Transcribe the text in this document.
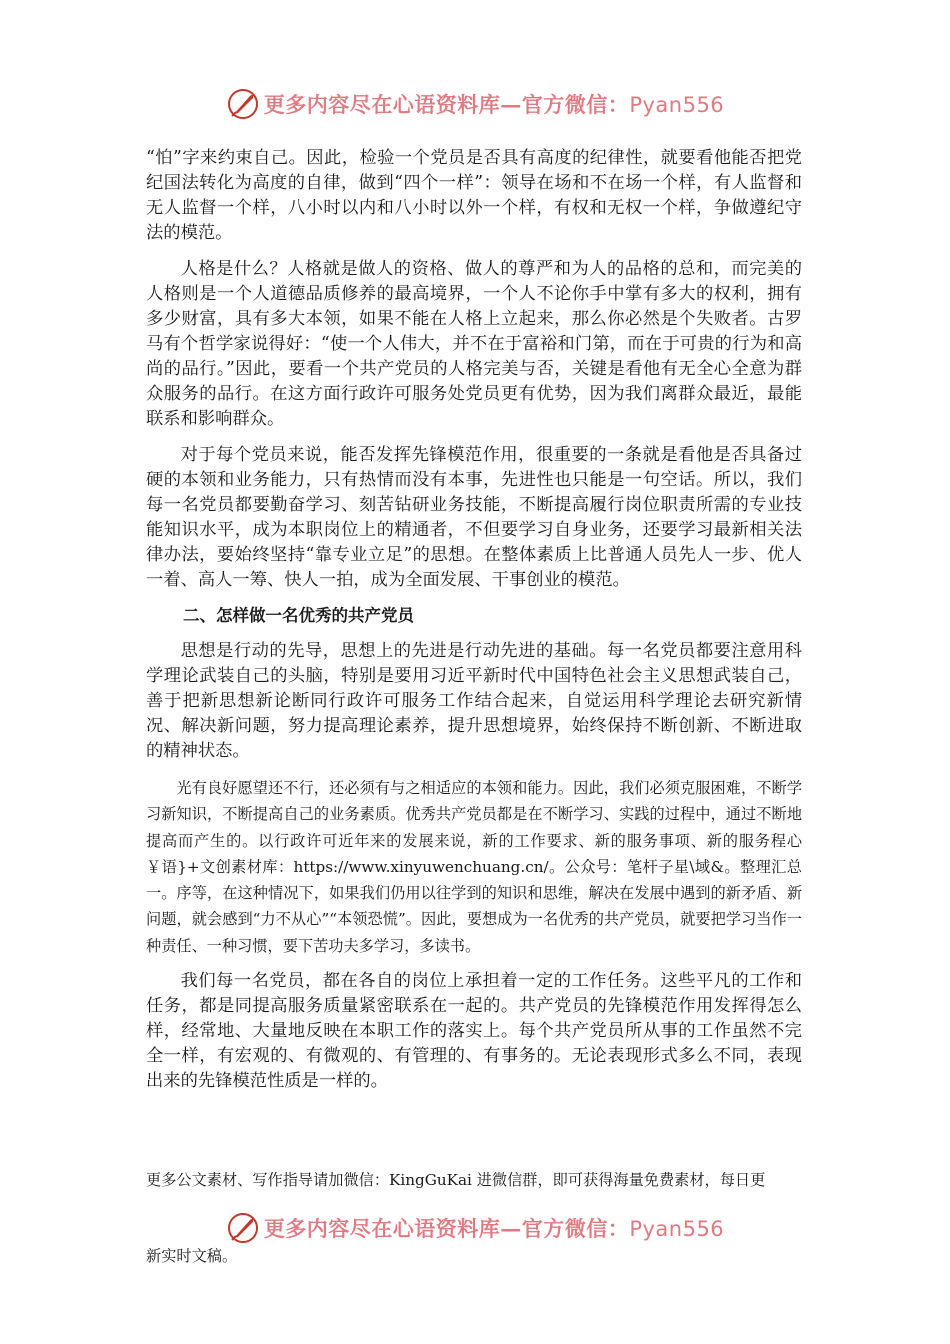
更多内容尽在心语资料库—官方微信：Pyan556

“怕”字来约束自己。因此，检验一个党员是否具有高度的纪律性，就要看他能否把党纪国法转化为高度的自律，做到“四个一样”：领导在场和不在场一个样，有人监督和无人监督一个样，八小时以内和八小时以外一个样，有权和无权一个样，争做遵纪守法的模范。

人格是什么？人格就是做人的资格、做人的尊严和为人的品格的总和，而完美的人格则是一个人道德品质修养的最高境界，一个人不论你手中掌有多大的权利，拥有多少财富，具有多大本领，如果不能在人格上立起来，那么你必然是个失败者。古罗马有个哲学家说得好：“使一个人伟大，并不在于富裕和门第，而在于可贵的行为和高尚的品行。”因此，要看一个共产党员的人格完美与否，关键是看他有无全心全意为群众服务的品行。在这方面行政许可服务处党员更有优势，因为我们离群众最近，最能联系和影响群众。

对于每个党员来说，能否发挥先锋模范作用，很重要的一条就是看他是否具备过硬的本领和业务能力，只有热情而没有本事，先进性也只能是一句空话。所以，我们每一名党员都要勤奋学习、刻苦钻研业务技能，不断提高履行岗位职责所需的专业技能知识水平，成为本职岗位上的精通者，不但要学习自身业务，还要学习最新相关法律办法，要始终坚持“靠专业立足”的思想。在整体素质上比普通人员先人一步、优人一着、高人一筹、快人一拍，成为全面发展、干事创业的模范。

二、怎样做一名优秀的共产党员

思想是行动的先导，思想上的先进是行动先进的基础。每一名党员都要注意用科学理论武装自己的头脑，特别是要用习近平新时代中国特色社会主义思想武装自己，善于把新思想新论断同行政许可服务工作结合起来，自觉运用科学理论去研究新情况、解决新问题，努力提高理论素养，提升思想境界，始终保持不断创新、不断进取的精神状态。

光有良好愿望还不行，还必须有与之相适应的本领和能力。因此，我们必须克服困难，不断学习新知识，不断提高自己的业务素质。优秀共产党员都是在不断学习、实践的过程中，通过不断地提高而产生的。以行政许可近年来的发展来说，新的工作要求、新的服务事项、新的服务程心￥语}+文创素材库：https://www.xinyuwenchuang.cn/。公众号：笔杆子星\域&。整理汇总一。序等，在这种情况下，如果我们仍用以往学到的知识和思维，解决在发展中遇到的新矛盾、新问题，就会感到“力不从心”“本领恐慌”。因此，要想成为一名优秀的共产党员，就要把学习当作一种责任、一种习惯，要下苦功夫多学习，多读书。

我们每一名党员，都在各自的岗位上承担着一定的工作任务。这些平凡的工作和任务，都是同提高服务质量紧密联系在一起的。共产党员的先锋模范作用发挥得怎么样，经常地、大量地反映在本职工作的落实上。每个共产党员所从事的工作虽然不完全一样，有宏观的、有微观的、有管理的、有事务的。无论表现形式多么不同，表现出来的先锋模范性质是一样的。

更多公文素材、写作指导请加微信：KingGuKai 进微信群，即可获得海量免费素材，每日更
更多内容尽在心语资料库—官方微信：Pyan556
新实时文稿。
